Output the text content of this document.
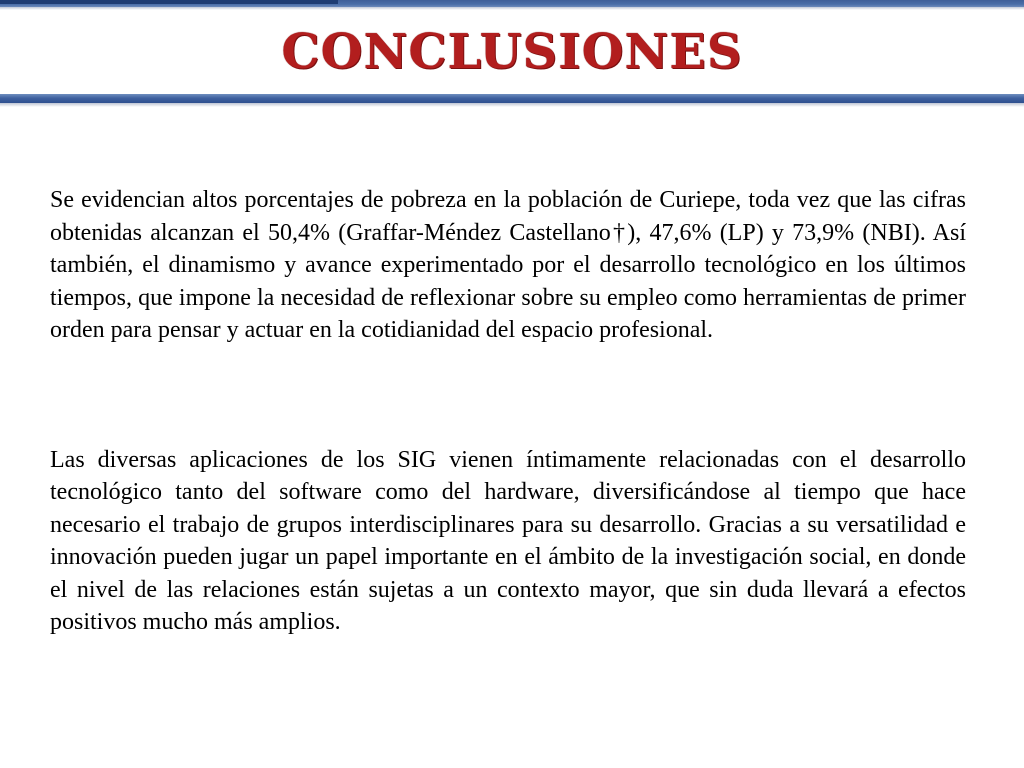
CONCLUSIONES

Se evidencian altos porcentajes de pobreza en la población de Curiepe, toda vez que las cifras obtenidas alcanzan el 50,4% (Graffar-Méndez Castellano†), 47,6% (LP) y 73,9% (NBI). Así también, el dinamismo y avance experimentado por el desarrollo tecnológico en los últimos tiempos, que impone la necesidad de reflexionar sobre su empleo como herramientas de primer orden para pensar y actuar en la cotidianidad del espacio profesional.

Las diversas aplicaciones de los SIG vienen íntimamente relacionadas con el desarrollo tecnológico tanto del software como del hardware, diversificándose al tiempo que hace necesario el trabajo de grupos interdisciplinares para su desarrollo. Gracias a su versatilidad e innovación pueden jugar un papel importante en el ámbito de la investigación social, en donde el nivel de las relaciones están sujetas a un contexto mayor, que sin duda llevará a efectos positivos mucho más amplios.
